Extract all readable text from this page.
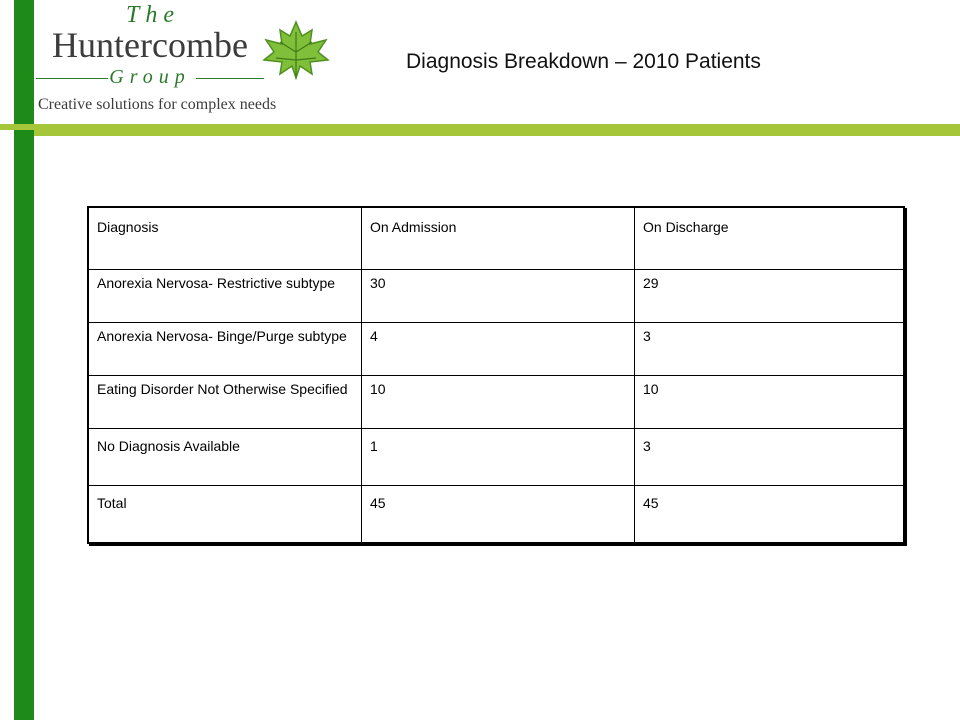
The
Huntercombe
Group
Creative solutions for complex needs
Diagnosis Breakdown – 2010 Patients
Diagnosis	On Admission	On Discharge
Anorexia Nervosa- Restrictive subtype	30	29
Anorexia Nervosa- Binge/Purge subtype	4	3
Eating Disorder Not Otherwise Specified	10	10
No Diagnosis Available	1	3
Total	45	45
